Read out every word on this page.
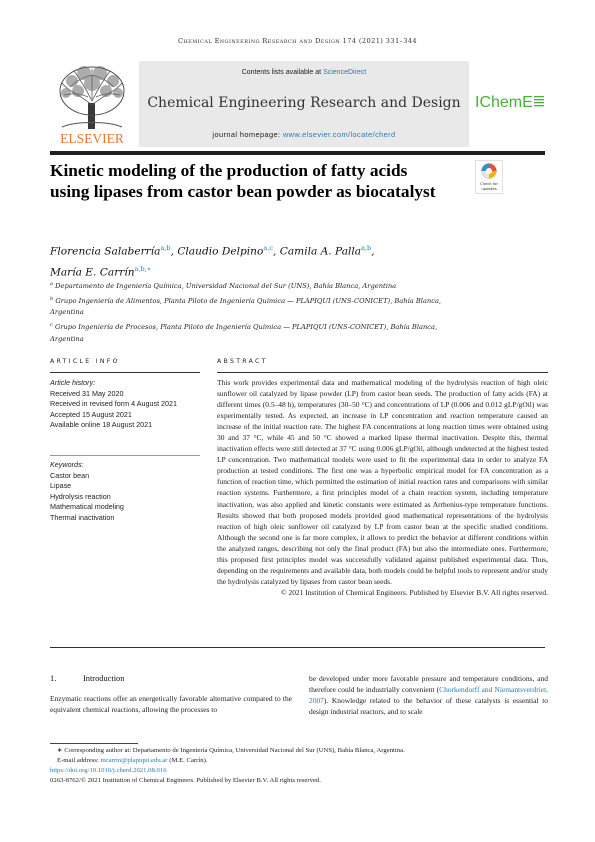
Chemical Engineering Research and Design 174 (2021) 331–344
ELSEVIER
Contents lists available at ScienceDirect
Chemical Engineering Research and Design
journal homepage: www.elsevier.com/locate/cherd
IChemE
Kinetic modeling of the production of fatty acids using lipases from castor bean powder as biocatalyst	Check for
updates
Florencia Salaberría$^{a,b}$, Claudio Delpino$^{a,c}$, Camila A. Palla$^{a,b}$,
María E. Carrín$^{a,b,∗}$
$^a$ Departamento de Ingeniería Química, Universidad Nacional del Sur (UNS), Bahía Blanca, Argentina
$^b$ Grupo Ingeniería de Alimentos, Planta Piloto de Ingeniería Química — PLAPIQUI (UNS-CONICET), Bahía Blanca, Argentina
$^c$ Grupo Ingeniería de Procesos, Planta Piloto de Ingeniería Química — PLAPIQUI (UNS-CONICET), Bahía Blanca, Argentina
ARTICLE INFO	ABSTRACT
Article history:
Received 31 May 2020
Received in revised form 4 August 2021
Accepted 15 August 2021
Available online 18 August 2021
Keywords:
Castor bean
Lipase
Hydrolysis reaction
Mathematical modeling
Thermal inactivation
This work provides experimental data and mathematical modeling of the hydrolysis reaction of high oleic sunflower oil catalyzed by lipase powder (LP) from castor bean seeds. The production of fatty acids (FA) at different times (0.5–48 h), temperatures (30–50 °C) and concentrations of LP (0.006 and 0.012 gLP/gOil) was experimentally tested. As expected, an increase in LP concentration and reaction temperature caused an increase of the initial reaction rate. The highest FA concentrations at long reaction times were obtained using 30 and 37 °C, while 45 and 50 °C showed a marked lipase thermal inactivation. Despite this, thermal inactivation effects were still detected at 37 °C using 0.006 gLP/gOil, although undetected at the highest tested LP concentration. Two mathematical models were used to fit the experimental data in order to analyze FA production at tested conditions. The first one was a hyperbolic empirical model for FA concentration as a function of reaction time, which permitted the estimation of initial reaction rates and comparisons with similar reaction systems. Furthermore, a first principles model of a chain reaction system, including temperature inactivation, was also applied and kinetic constants were estimated as Arrhenius-type temperature functions. Results showed that both proposed models provided good mathematical representations of the hydrolysis reaction of high oleic sunflower oil catalyzed by LP from castor bean at the specific studied conditions. Although the second one is far more complex, it allows to predict the behavior at different conditions within the analyzed ranges, describing not only the final product (FA) but also the intermediate ones. Furthermore, this proposed first principles model was successfully validated against published experimental data. Thus, depending on the requirements and available data, both models could be helpful tools to represent and/or study the hydrolysis catalyzed by lipases from castor bean seeds.
© 2021 Institution of Chemical Engineers. Published by Elsevier B.V. All rights reserved.
1.	Introduction
Enzymatic reactions offer an energetically favorable alternative compared to the equivalent chemical reactions, allowing the processes to
be developed under more favorable pressure and temperature conditions, and therefore could be industrially convenient (Chorkendorff and Niemantsverdriet, 2007). Knowledge related to the behavior of these catalysts is essential to design industrial reactors, and to scale
∗ Corresponding author at: Departamento de Ingeniería Química, Universidad Nacional del Sur (UNS), Bahía Blanca, Argentina.
E-mail address: mcarrin@plapiqui.edu.ar (M.E. Carrín).
https://doi.org/10.1016/j.cherd.2021.08.016
0263-8762/© 2021 Institution of Chemical Engineers. Published by Elsevier B.V. All rights reserved.
